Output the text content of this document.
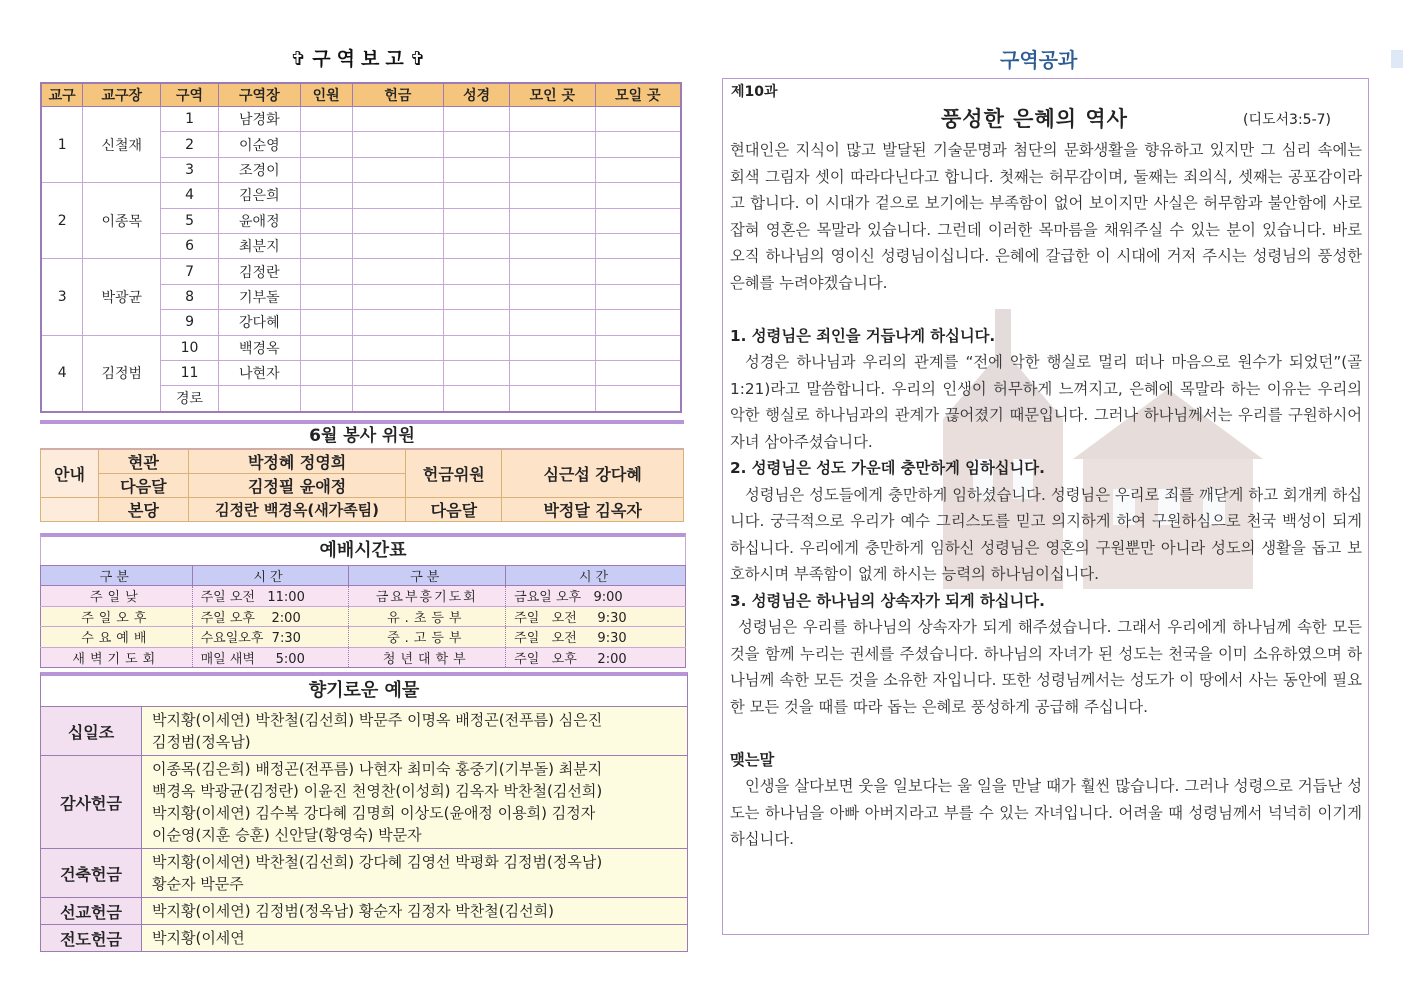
✞구역보고✞
교구	교구장	구역	구역장	인원	헌금	성경	모인 곳	모일 곳
1	신철재	1	남경화					
		2	이순영					
		3	조경이					
2	이종목	4	김은희					
		5	윤애정					
		6	최분지					
3	박광균	7	김정란					
		8	기부돌					
		9	강다혜					
4	김정범	10	백경옥					
		11	나현자					
		경로						
6월 봉사 위원
안내	현관	박정혜 정영희	헌금위원	심근섭 강다혜
	다음달	김정필 윤애정		
	본당	김정란 백경옥(새가족팀)	다음달	박정달 김옥자
예배시간표
구분	시간	구분	시간
주일낮	주일 오전   11:00	금요부흥기도회	금요일 오후   9:00
주일오후	주일 오후    2:00	유.초등부	주일   오전     9:30
수요예배	수요일오후  7:30	중.고등부	주일   오전     9:30
새벽기도회	매일 새벽     5:00	청년대학부	주일   오후     2:00
향기로운 예물
십일조	박지황(이세연) 박찬철(김선희) 박문주 이명옥 배정곤(전푸름) 심은진
김정범(정옥남)

감사헌금	이종목(김은희) 배정곤(전푸름) 나현자 최미숙 홍중기(기부돌) 최분지
백경옥 박광균(김정란) 이윤진 천영찬(이성희) 김옥자 박찬철(김선희)
박지황(이세연) 김수복 강다혜 김명희 이상도(윤애정 이용희) 김정자
이순영(지훈 승훈) 신안달(황영숙) 박문자

건축헌금	박지황(이세연) 박찬철(김선희) 강다혜 김영선 박평화 김정범(정옥남)
황순자 박문주

선교헌금	박지황(이세연) 김정범(정옥남) 황순자 김정자 박찬철(김선희)

전도헌금	박지황(이세연
구역공과
제10과
풍성한 은혜의 역사	(디도서3:5-7)

현대인은 지식이 많고 발달된 기술문명과 첨단의 문화생활을 향유하고 있지만 그 심리 속에는 회색 그림자 셋이 따라다닌다고 합니다. 첫째는 허무감이며, 둘째는 죄의식, 셋째는 공포감이라고 합니다. 이 시대가 겉으로 보기에는 부족함이 없어 보이지만 사실은 허무함과 불안함에 사로잡혀 영혼은 목말라 있습니다. 그런데 이러한 목마름을 채워주실 수 있는 분이 있습니다. 바로 오직 하나님의 영이신 성령님이십니다. 은혜에 갈급한 이 시대에 거저 주시는 성령님의 풍성한 은혜를 누려야겠습니다.

1. 성령님은 죄인을 거듭나게 하십니다.

성경은 하나님과 우리의 관계를 “전에 악한 행실로 멀리 떠나 마음으로 원수가 되었던”(골1:21)라고 말씀합니다. 우리의 인생이 허무하게 느껴지고, 은혜에 목말라 하는 이유는 우리의 악한 행실로 하나님과의 관계가 끊어졌기 때문입니다. 그러나 하나님께서는 우리를 구원하시어 자녀 삼아주셨습니다.

2. 성령님은 성도 가운데 충만하게 임하십니다.

성령님은 성도들에게 충만하게 임하셨습니다. 성령님은 우리로 죄를 깨닫게 하고 회개케 하십니다. 궁극적으로 우리가 예수 그리스도를 믿고 의지하게 하여 구원하심으로 천국 백성이 되게 하십니다. 우리에게 충만하게 임하신 성령님은 영혼의 구원뿐만 아니라 성도의 생활을 돕고 보호하시며 부족함이 없게 하시는 능력의 하나님이십니다.

3. 성령님은 하나님의 상속자가 되게 하십니다.

성령님은 우리를 하나님의 상속자가 되게 해주셨습니다. 그래서 우리에게 하나님께 속한 모든 것을 함께 누리는 권세를 주셨습니다. 하나님의 자녀가 된 성도는 천국을 이미 소유하였으며 하나님께 속한 모든 것을 소유한 자입니다. 또한 성령님께서는 성도가 이 땅에서 사는 동안에 필요한 모든 것을 때를 따라 돕는 은혜로 풍성하게 공급해 주십니다.

맺는말

인생을 살다보면 웃을 일보다는 울 일을 만날 때가 훨씬 많습니다. 그러나 성령으로 거듭난 성도는 하나님을 아빠 아버지라고 부를 수 있는 자녀입니다. 어려울 때 성령님께서 넉넉히 이기게 하십니다.
